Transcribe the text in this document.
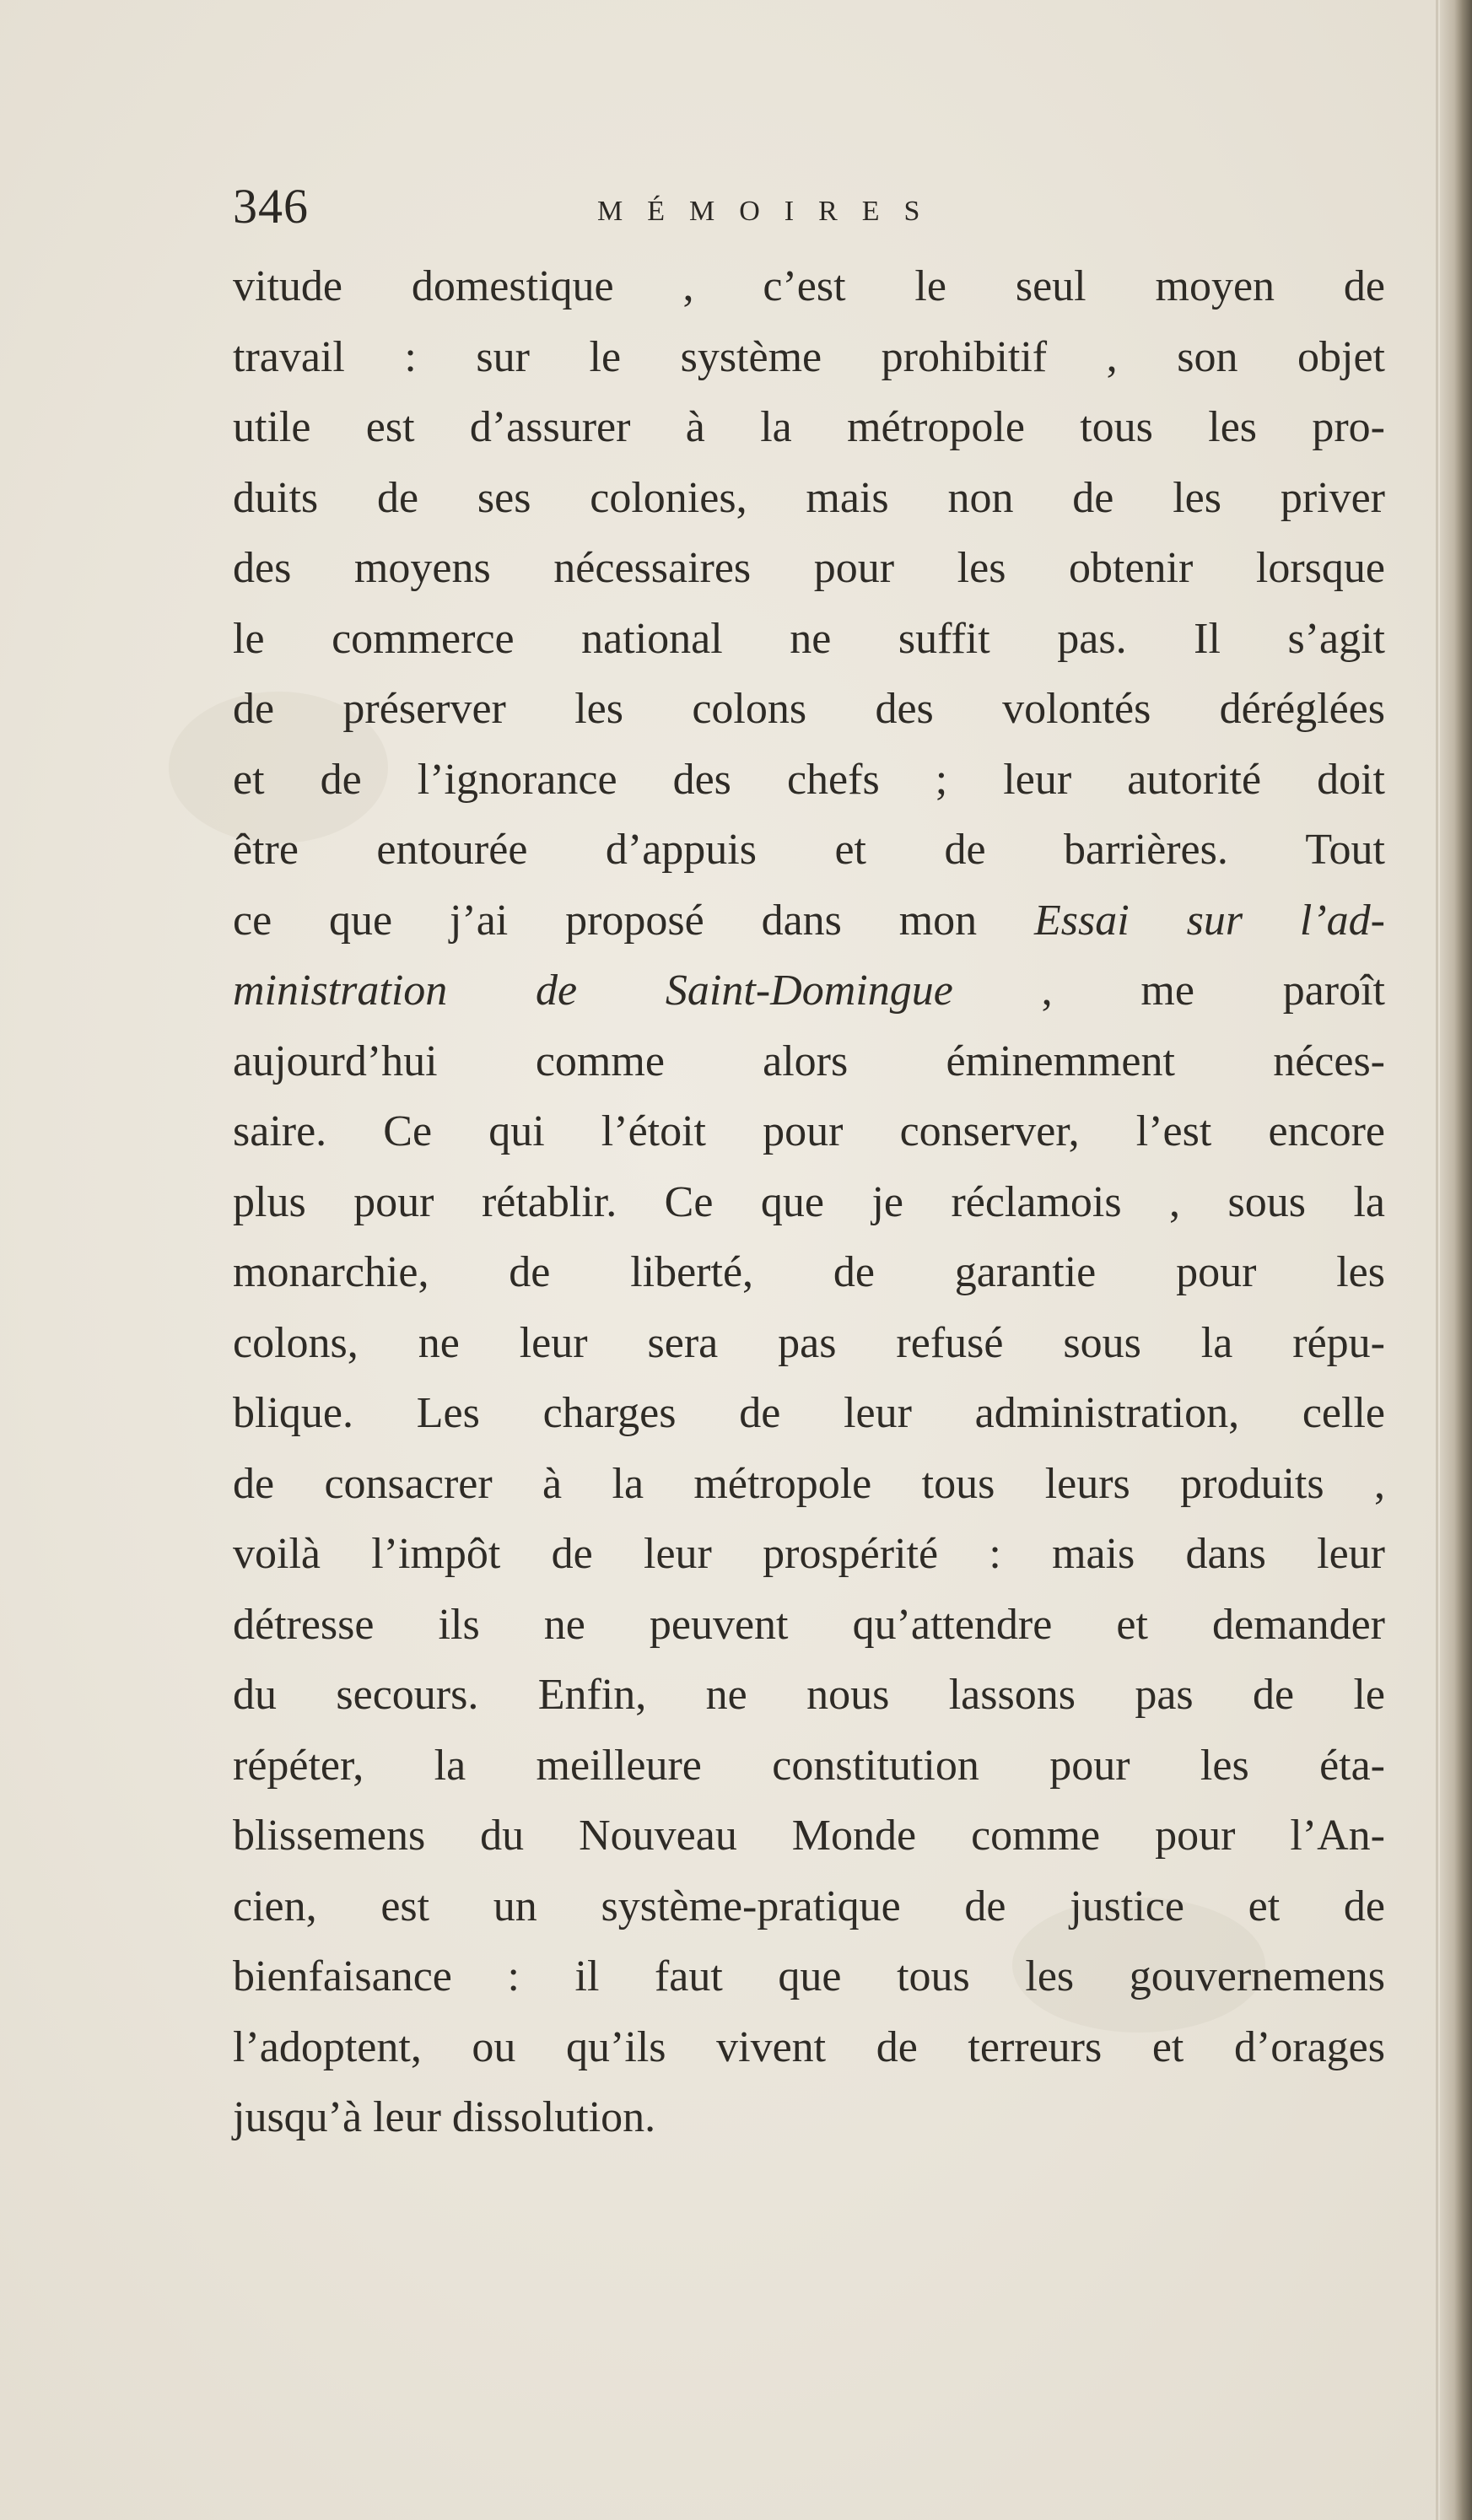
346	MÉMOIRES
vitude domestique , c’est le seul moyen de
travail : sur le système prohibitif , son objet
utile est d’assurer à la métropole tous les pro-
duits de ses colonies, mais non de les priver
des moyens nécessaires pour les obtenir lorsque
le commerce national ne suffit pas. Il s’agit
de préserver les colons des volontés déréglées
et de l’ignorance des chefs ; leur autorité doit
être entourée d’appuis et de barrières. Tout
ce que j’ai proposé dans mon Essai sur l’ad-
ministration de Saint-Domingue , me paroît
aujourd’hui comme alors éminemment néces-
saire. Ce qui l’étoit pour conserver, l’est encore
plus pour rétablir. Ce que je réclamois , sous la
monarchie, de liberté, de garantie pour les
colons, ne leur sera pas refusé sous la répu-
blique. Les charges de leur administration, celle
de consacrer à la métropole tous leurs produits ,
voilà l’impôt de leur prospérité : mais dans leur
détresse ils ne peuvent qu’attendre et demander
du secours. Enfin, ne nous lassons pas de le
répéter, la meilleure constitution pour les éta-
blissemens du Nouveau Monde comme pour l’An-
cien, est un système-pratique de justice et de
bienfaisance : il faut que tous les gouvernemens
l’adoptent, ou qu’ils vivent de terreurs et d’orages
jusqu’à leur dissolution.
